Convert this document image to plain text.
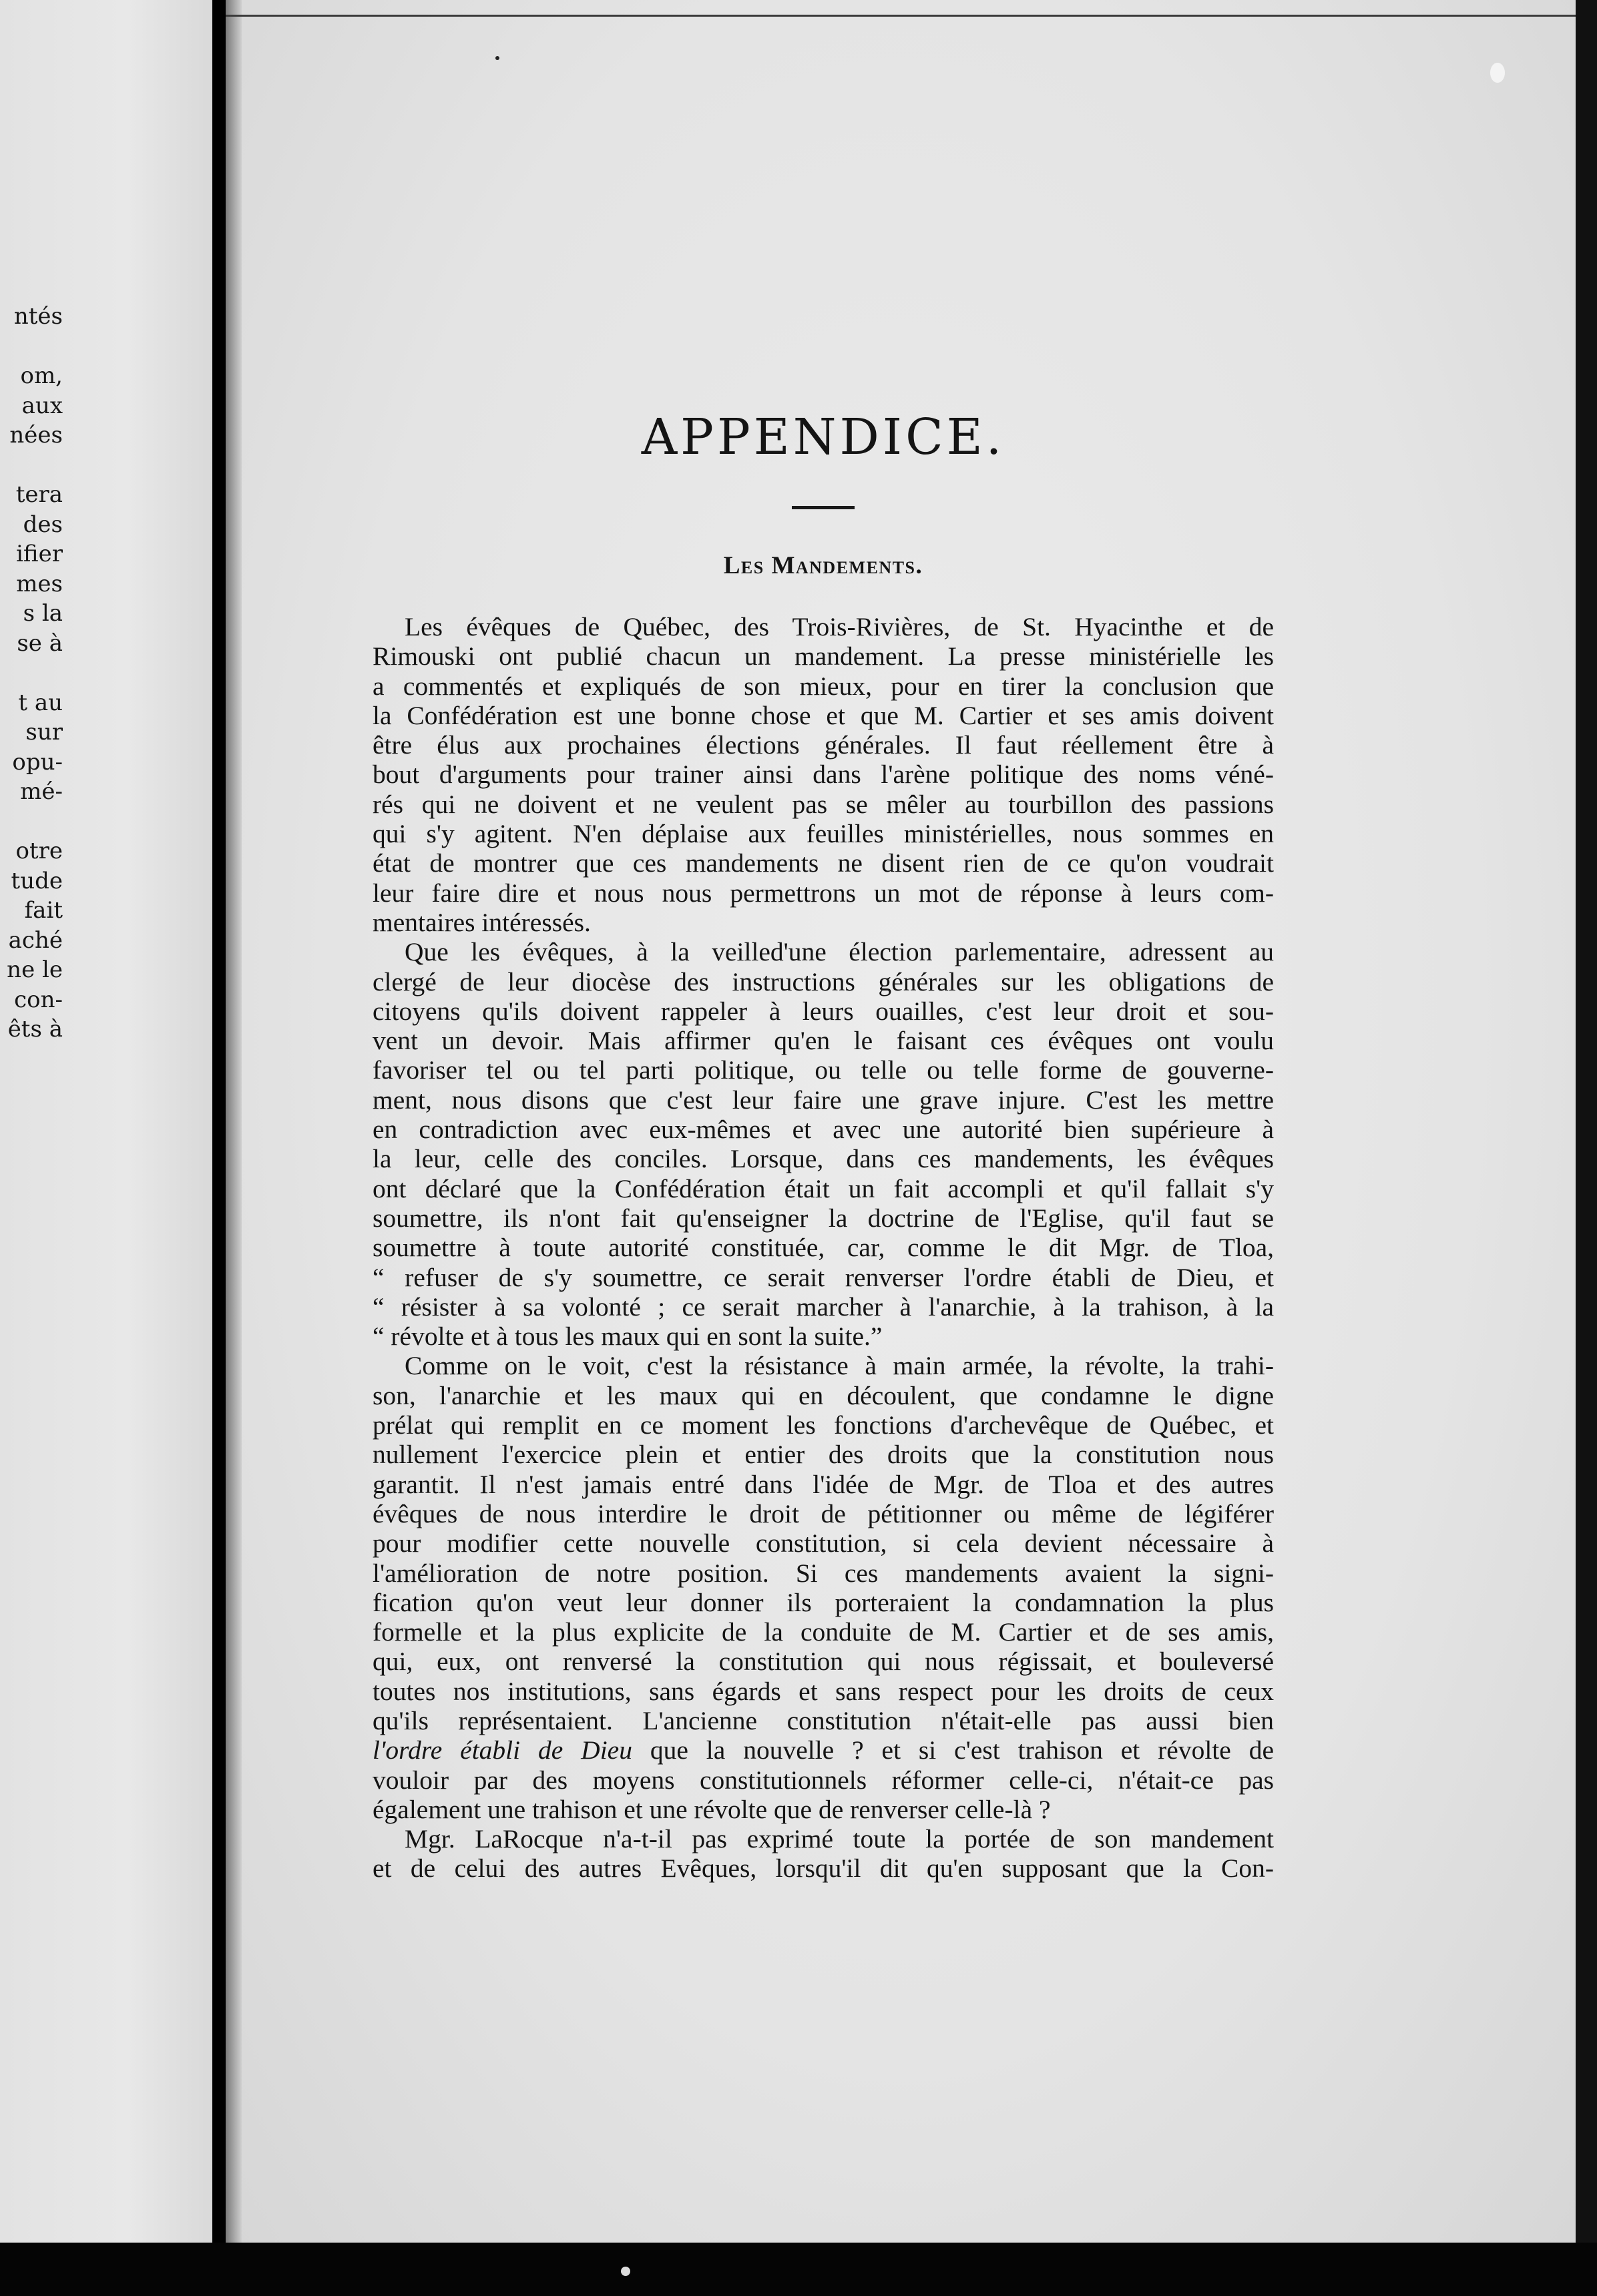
ntés
om,
aux
nées
tera
des
ifier
mes
s la
se à
t au
sur
opu-
mé-
otre
tude
fait
aché
ne le
con-
êts à
APPENDICE.
Les Mandements.
Les évêques de Québec, des Trois-Rivières, de St. Hyacinthe et de
Rimouski ont publié chacun un mandement. La presse ministérielle les
a commentés et expliqués de son mieux, pour en tirer la conclusion que
la Confédération est une bonne chose et que M. Cartier et ses amis doivent
être élus aux prochaines élections générales. Il faut réellement être à
bout d'arguments pour trainer ainsi dans l'arène politique des noms véné-
rés qui ne doivent et ne veulent pas se mêler au tourbillon des passions
qui s'y agitent. N'en déplaise aux feuilles ministérielles, nous sommes en
état de montrer que ces mandements ne disent rien de ce qu'on voudrait
leur faire dire et nous nous permettrons un mot de réponse à leurs com-
mentaires intéressés.
Que les évêques, à la veilled'une élection parlementaire, adressent au
clergé de leur diocèse des instructions générales sur les obligations de
citoyens qu'ils doivent rappeler à leurs ouailles, c'est leur droit et sou-
vent un devoir. Mais affirmer qu'en le faisant ces évêques ont voulu
favoriser tel ou tel parti politique, ou telle ou telle forme de gouverne-
ment, nous disons que c'est leur faire une grave injure. C'est les mettre
en contradiction avec eux-mêmes et avec une autorité bien supérieure à
la leur, celle des conciles. Lorsque, dans ces mandements, les évêques
ont déclaré que la Confédération était un fait accompli et qu'il fallait s'y
soumettre, ils n'ont fait qu'enseigner la doctrine de l'Eglise, qu'il faut se
soumettre à toute autorité constituée, car, comme le dit Mgr. de Tloa,
“ refuser de s'y soumettre, ce serait renverser l'ordre établi de Dieu, et
“ résister à sa volonté ; ce serait marcher à l'anarchie, à la trahison, à la
“ révolte et à tous les maux qui en sont la suite.”
Comme on le voit, c'est la résistance à main armée, la révolte, la trahi-
son, l'anarchie et les maux qui en découlent, que condamne le digne
prélat qui remplit en ce moment les fonctions d'archevêque de Québec, et
nullement l'exercice plein et entier des droits que la constitution nous
garantit. Il n'est jamais entré dans l'idée de Mgr. de Tloa et des autres
évêques de nous interdire le droit de pétitionner ou même de légiférer
pour modifier cette nouvelle constitution, si cela devient nécessaire à
l'amélioration de notre position. Si ces mandements avaient la signi-
fication qu'on veut leur donner ils porteraient la condamnation la plus
formelle et la plus explicite de la conduite de M. Cartier et de ses amis,
qui, eux, ont renversé la constitution qui nous régissait, et bouleversé
toutes nos institutions, sans égards et sans respect pour les droits de ceux
qu'ils représentaient. L'ancienne constitution n'était-elle pas aussi bien
l'ordre établi de Dieu que la nouvelle ? et si c'est trahison et révolte de
vouloir par des moyens constitutionnels réformer celle-ci, n'était-ce pas
également une trahison et une révolte que de renverser celle-là ?
Mgr. LaRocque n'a-t-il pas exprimé toute la portée de son mandement
et de celui des autres Evêques, lorsqu'il dit qu'en supposant que la Con-
